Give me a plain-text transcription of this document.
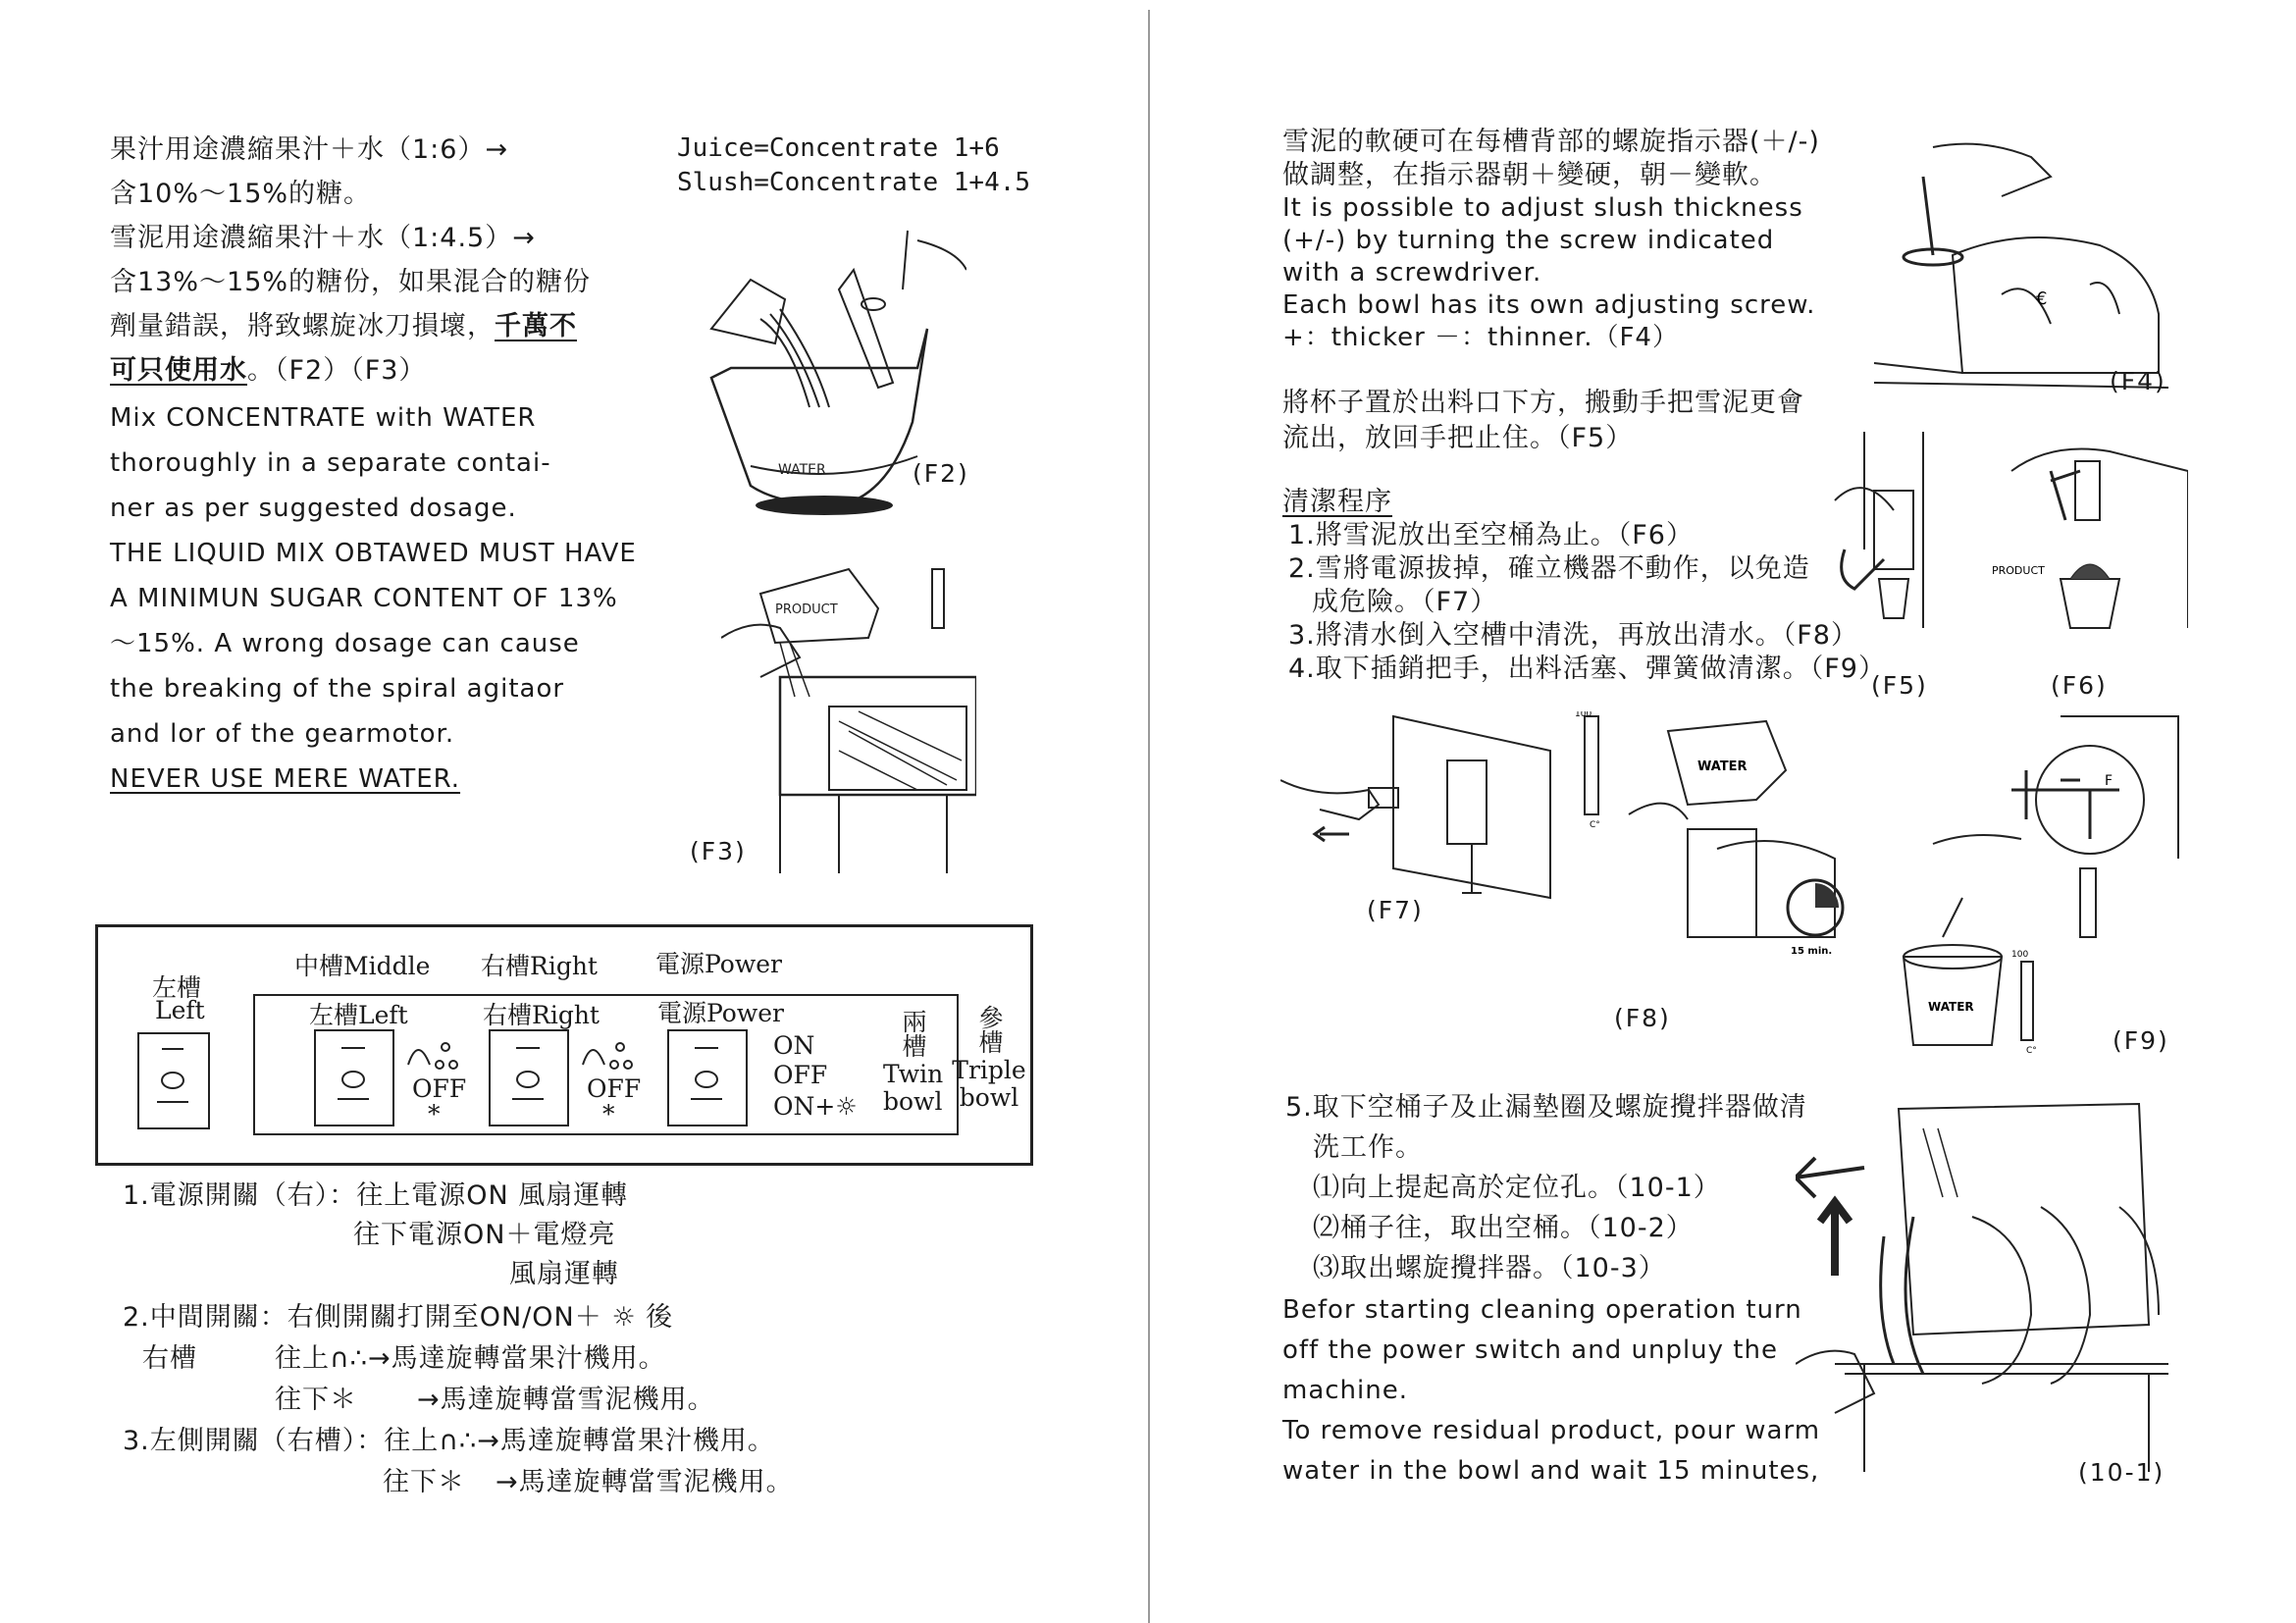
果汁用途濃縮果汁＋水（1:6）→
含10%～15%的糖。
雪泥用途濃縮果汁＋水（1:4.5）→
含13%～15%的糖份，如果混合的糖份
劑量錯誤，將致螺旋冰刀損壞，千萬不
可只使用水。（F2）（F3）
Mix CONCENTRATE with WATER
thoroughly in a separate contai-
ner as per suggested dosage.
THE LIQUID MIX OBTAWED MUST HAVE
A MINIMUN SUGAR CONTENT OF 13%
～15%. A wrong dosage can cause
the breaking of the spiral agitaor
and lor of the gearmotor.
NEVER USE MERE WATER.
Juice=Concentrate 1+6
Slush=Concentrate 1+4.5
WATER	(F2)
PRODUCT
(F3)
左槽
Left
中槽Middle 右槽Right 電源Power
左槽Left	右槽Right 電源Power
OFF
*
OFF
*
ON
OFF
ON+☼
兩槽
Twin
bowl
參槽
Triple
bowl
1.電源開關（右）：往上電源ON 風扇運轉
往下電源ON＋電燈亮
風扇運轉
2.中間開關：右側開關打開至ON/ON＋ ☼ 後
右槽	往上∩∴→馬達旋轉當果汁機用。
往下＊ →馬達旋轉當雪泥機用。
3.左側開關（右槽）：往上∩∴→馬達旋轉當果汁機用。
往下＊ →馬達旋轉當雪泥機用。
雪泥的軟硬可在每槽背部的螺旋指示器(＋/-)
做調整，在指示器朝＋變硬，朝－變軟。
It is possible to adjust slush thickness
(+/-) by turning the screw indicated
with a screwdriver.
Each bowl has its own adjusting screw.
+：thicker －：thinner.（F4）
€
(F4)
將杯子置於出料口下方，搬動手把雪泥更會
流出，放回手把止住。（F5）
清潔程序
1.將雪泥放出至空桶為止。（F6）
2.雪將電源拔掉，確立機器不動作，以免造
成危險。（F7）
3.將清水倒入空槽中清洗，再放出清水。（F8）
4.取下插銷把手，出料活塞、彈簧做清潔。（F9）
(F5)
PRODUCT
(F6)
(F7)
100
C°
WATER
15 min.
(F8)
F
WATER
100
C°	(F9)
5.取下空桶子及止漏墊圈及螺旋攪拌器做清
洗工作。
⑴向上提起高於定位孔。（10-1）
⑵桶子往，取出空桶。（10-2）
⑶取出螺旋攪拌器。（10-3）
Befor starting cleaning operation turn
off the power switch and unpluy the
machine.
To remove residual product, pour warm
water in the bowl and wait 15 minutes,	(10-1)
